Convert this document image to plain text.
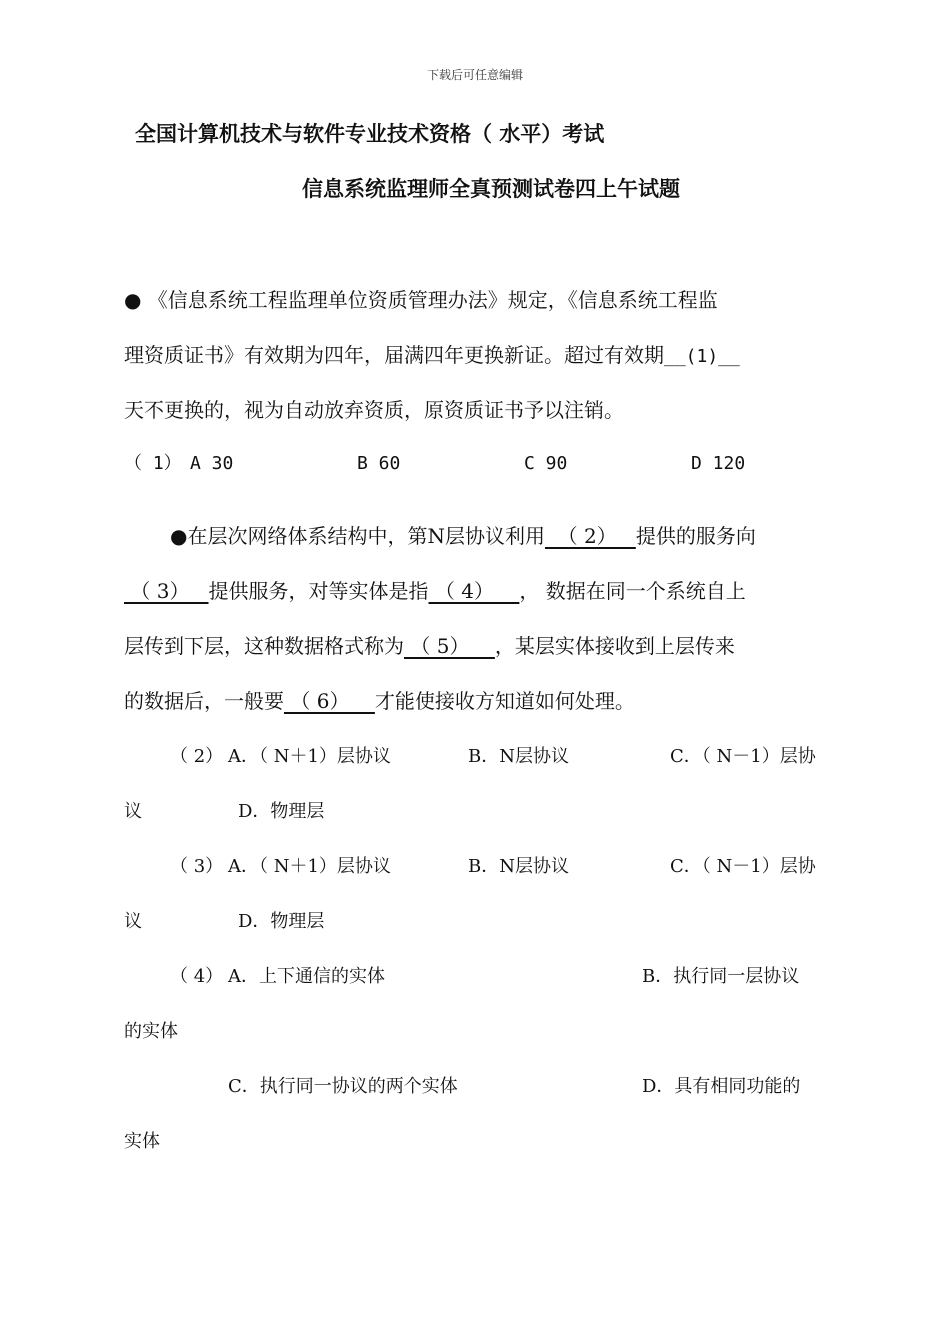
下载后可任意编辑
全国计算机技术与软件专业技术资格（ 水平）考试
信息系统监理师全真预测试卷四上午试题
● 《信息系统工程监理单位资质管理办法》规定，《信息系统工程监
理资质证书》有效期为四年，届满四年更换新证。超过有效期__(1)__
天不更换的，视为自动放弃资质，原资质证书予以注销。
（ 1） A 30	B 60	C 90	D 120
●在层次网络体系结构中，第N层协议利用  （ 2）   提供的服务向
（ 3）   提供服务，对等实体是指 （ 4）    ， 数据在同一个系统自上
层传到下层，这种数据格式称为 （ 5）    ，某层实体接收到上层传来
的数据后，一般要 （ 6）    才能使接收方知道如何处理。
（ 2） A．（ N＋1）层协议	B．N层协议	C．（ N－1）层协
议	D．物理层
（ 3） A．（ N＋1）层协议	B．N层协议	C．（ N－1）层协
议	D．物理层
（ 4） A．上下通信的实体	B．执行同一层协议
的实体
C．执行同一协议的两个实体	D．具有相同功能的
实体
